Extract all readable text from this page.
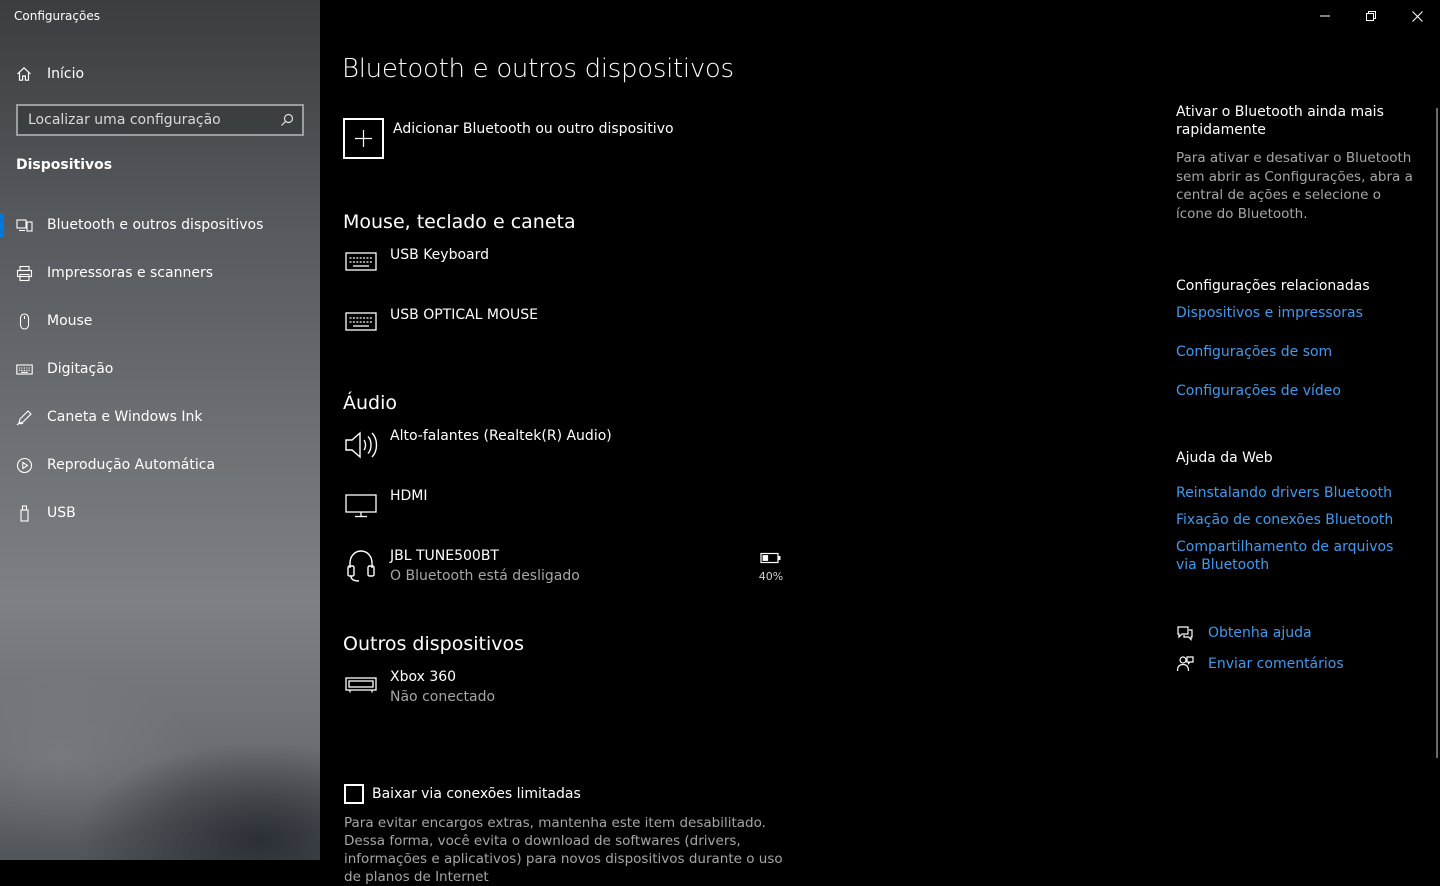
Configurações
Início
Localizar uma configuração
Dispositivos
Bluetooth e outros dispositivos
Impressoras e scanners
Mouse
Digitação
Caneta e Windows Ink
Reprodução Automática
USB
Bluetooth e outros dispositivos
Adicionar Bluetooth ou outro dispositivo
Mouse, teclado e caneta
USB Keyboard
USB OPTICAL MOUSE
Áudio
Alto-falantes (Realtek(R) Audio)
HDMI
JBL TUNE500BT
O Bluetooth está desligado	40%
Outros dispositivos
Xbox 360
Não conectado
Baixar via conexões limitadas
Para evitar encargos extras, mantenha este item desabilitado. Dessa forma, você evita o download de softwares (drivers, informações e aplicativos) para novos dispositivos durante o uso de planos de Internet
Ativar o Bluetooth ainda mais rapidamente
Para ativar e desativar o Bluetooth sem abrir as Configurações, abra a central de ações e selecione o ícone do Bluetooth.
Configurações relacionadas
Dispositivos e impressoras
Configurações de som
Configurações de vídeo
Ajuda da Web
Reinstalando drivers Bluetooth
Fixação de conexões Bluetooth
Compartilhamento de arquivos via Bluetooth
Obtenha ajuda
Enviar comentários
